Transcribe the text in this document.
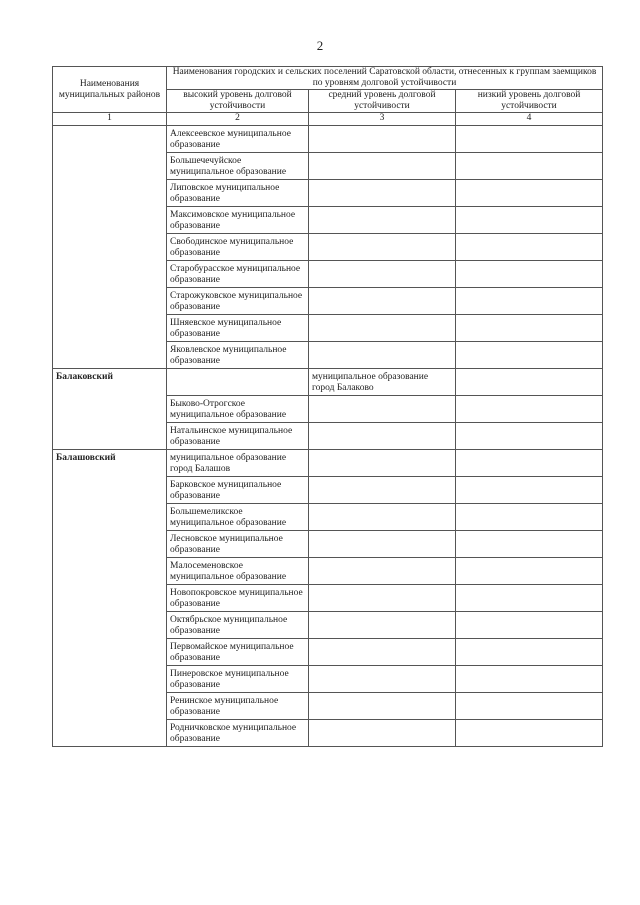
2
Наименования муниципальных районов	Наименования городских и сельских поселений Саратовской области, отнесенных к группам заемщиков по уровням долговой устойчивости		
	высокий уровень долговой устойчивости	средний уровень долговой устойчивости	низкий уровень долговой устойчивости
1	2	3	4

	Алексеевское муниципальное образование		

	Большечечуйское муниципальное образование		

	Липовское муниципальное образование		

	Максимовское муниципальное образование		

	Свободинское муниципальное образование		

	Старобурасское муниципальное образование		

	Старожуковское муниципальное образование		

	Шняевское муниципальное образование		

	Яковлевское муниципальное образование		

Балаковский		муниципальное образование город Балаково	

	Быково-Отрогское муниципальное образование		

	Натальинское муниципальное образование		

Балашовский	муниципальное образование город Балашов		

	Барковское муниципальное образование		

	Большемеликское муниципальное образование		

	Лесновское муниципальное образование		

	Малосеменовское муниципальное образование		

	Новопокровское муниципальное образование		

	Октябрьское муниципальное образование		

	Первомайское муниципальное образование		

	Пинеровское муниципальное образование		

	Ренинское муниципальное образование		

	Родничковское муниципальное образование		
